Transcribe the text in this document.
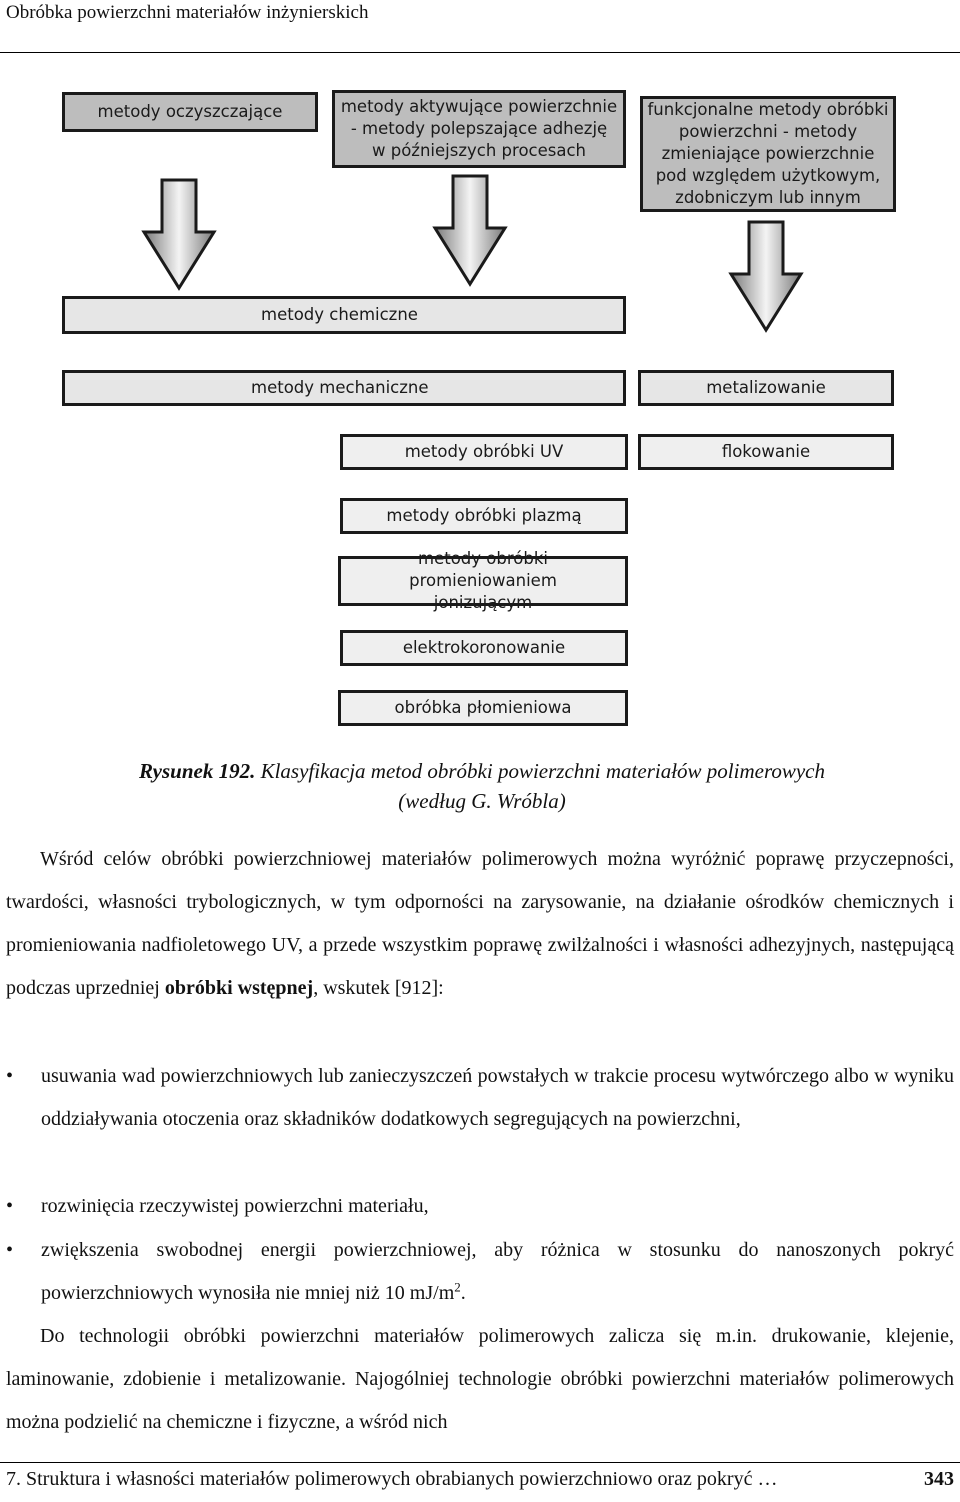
Obróbka powierzchni materiałów inżynierskich
metody oczyszczające	metody aktywujące powierzchnie
- metody polepszające adhezję
w późniejszych procesach
funkcjonalne metody obróbki
powierzchni - metody
zmieniające powierzchnie
pod względem użytkowym,
zdobniczym lub innym
metody chemiczne
metody mechaniczne	metalizowanie
metody obróbki UV	flokowanie
metody obróbki plazmą
metody obróbki promieniowaniem
jonizującym
elektrokoronowanie
obróbka płomieniowa
Rysunek 192. Klasyfikacja metod obróbki powierzchni materiałów polimerowych
(według G. Wróbla)
Wśród celów obróbki powierzchniowej materiałów polimerowych można wyróżnić poprawę przyczepności, twardości, własności trybologicznych, w tym odporności na zarysowanie, na działanie ośrodków chemicznych i promieniowania nadfioletowego UV, a przede wszystkim poprawę zwilżalności i własności adhezyjnych, następującą podczas uprzedniej obróbki wstępnej, wskutek [912]:
• usuwania wad powierzchniowych lub zanieczyszczeń powstałych w trakcie procesu wytwórczego albo w wyniku oddziaływania otoczenia oraz składników dodatkowych segregujących na powierzchni,
• rozwinięcia rzeczywistej powierzchni materiału,
• zwiększenia swobodnej energii powierzchniowej, aby różnica w stosunku do nanoszonych pokryć powierzchniowych wynosiła nie mniej niż 10 $mJ/m^2$.
Do technologii obróbki powierzchni materiałów polimerowych zalicza się m.in. drukowanie, klejenie, laminowanie, zdobienie i metalizowanie. Najogólniej technologie obróbki powierzchni materiałów polimerowych można podzielić na chemiczne i fizyczne, a wśród nich
7. Struktura i własności materiałów polimerowych obrabianych powierzchniowo oraz pokryć …	343
